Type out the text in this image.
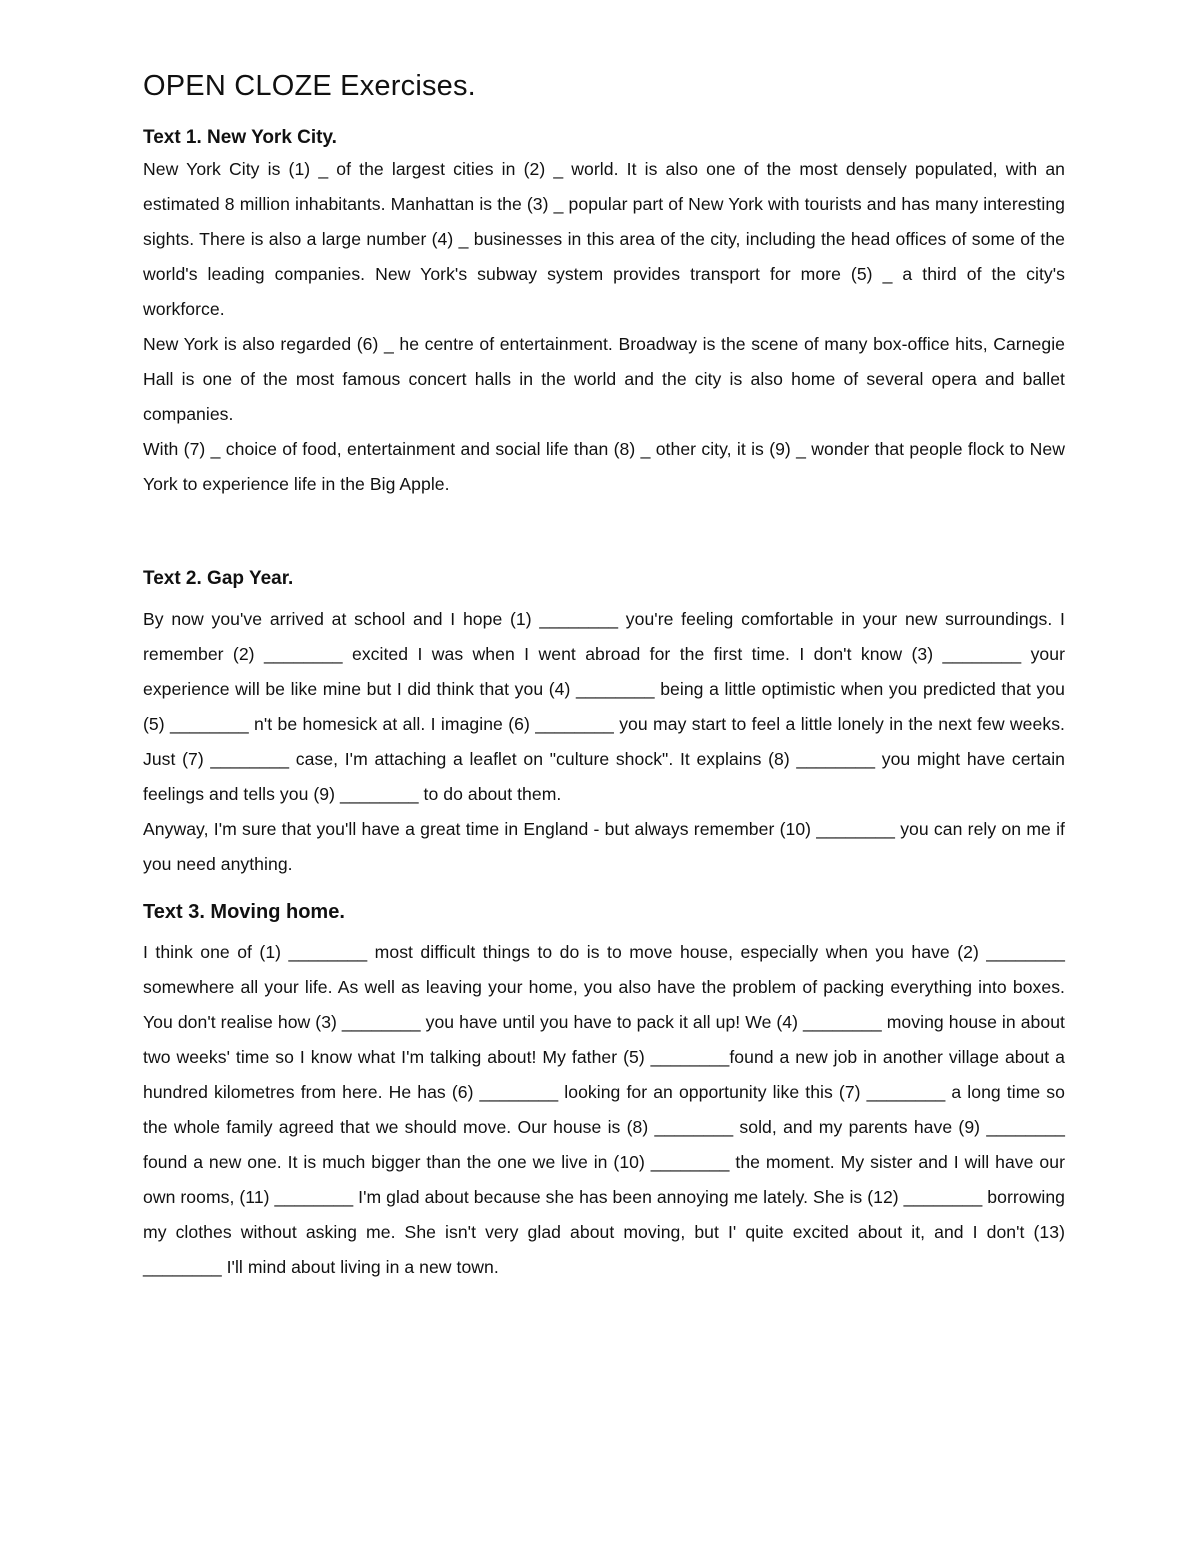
OPEN CLOZE Exercises.
Text 1. New York City.

New York City is (1) _ of the largest cities in (2) _ world. It is also one of the most densely populated, with an estimated 8 million inhabitants. Manhattan is the (3) _ popular part of New York with tourists and has many interesting sights. There is also a large number (4) _ businesses in this area of the city, including the head offices of some of the world's leading companies. New York's subway system provides transport for more (5) _ a third of the city's workforce.

New York is also regarded (6) _ he centre of entertainment. Broadway is the scene of many box-office hits, Carnegie Hall is one of the most famous concert halls in the world and the city is also home of several opera and ballet companies.

With (7) _ choice of food, entertainment and social life than (8) _ other city, it is (9) _ wonder that people flock to New York to experience life in the Big Apple.

Text 2. Gap Year.

By now you've arrived at school and I hope (1) ________ you're feeling comfortable in your new surroundings. I remember (2) ________ excited I was when I went abroad for the first time. I don't know (3) ________ your experience will be like mine but I did think that you (4) ________ being a little optimistic when you predicted that you (5) ________ n't be homesick at all. I imagine (6) ________ you may start to feel a little lonely in the next few weeks. Just (7) ________ case, I'm attaching a leaflet on "culture shock". It explains (8) ________ you might have certain feelings and tells you (9) ________ to do about them.

Anyway, I'm sure that you'll have a great time in England - but always remember (10) ________ you can rely on me if you need anything.

Text 3. Moving home.

I think one of (1) ________ most difficult things to do is to move house, especially when you have (2) ________ somewhere all your life. As well as leaving your home, you also have the problem of packing everything into boxes. You don't realise how (3) ________ you have until you have to pack it all up! We (4) ________ moving house in about two weeks' time so I know what I'm talking about! My father (5) ________found a new job in another village about a hundred kilometres from here. He has (6) ________ looking for an opportunity like this (7) ________ a long time so the whole family agreed that we should move. Our house is (8) ________ sold, and my parents have (9) ________ found a new one. It is much bigger than the one we live in (10) ________ the moment. My sister and I will have our own rooms, (11) ________ I'm glad about because she has been annoying me lately. She is (12) ________ borrowing my clothes without asking me. She isn't very glad about moving, but I' quite excited about it, and I don't (13) ________ I'll mind about living in a new town.
